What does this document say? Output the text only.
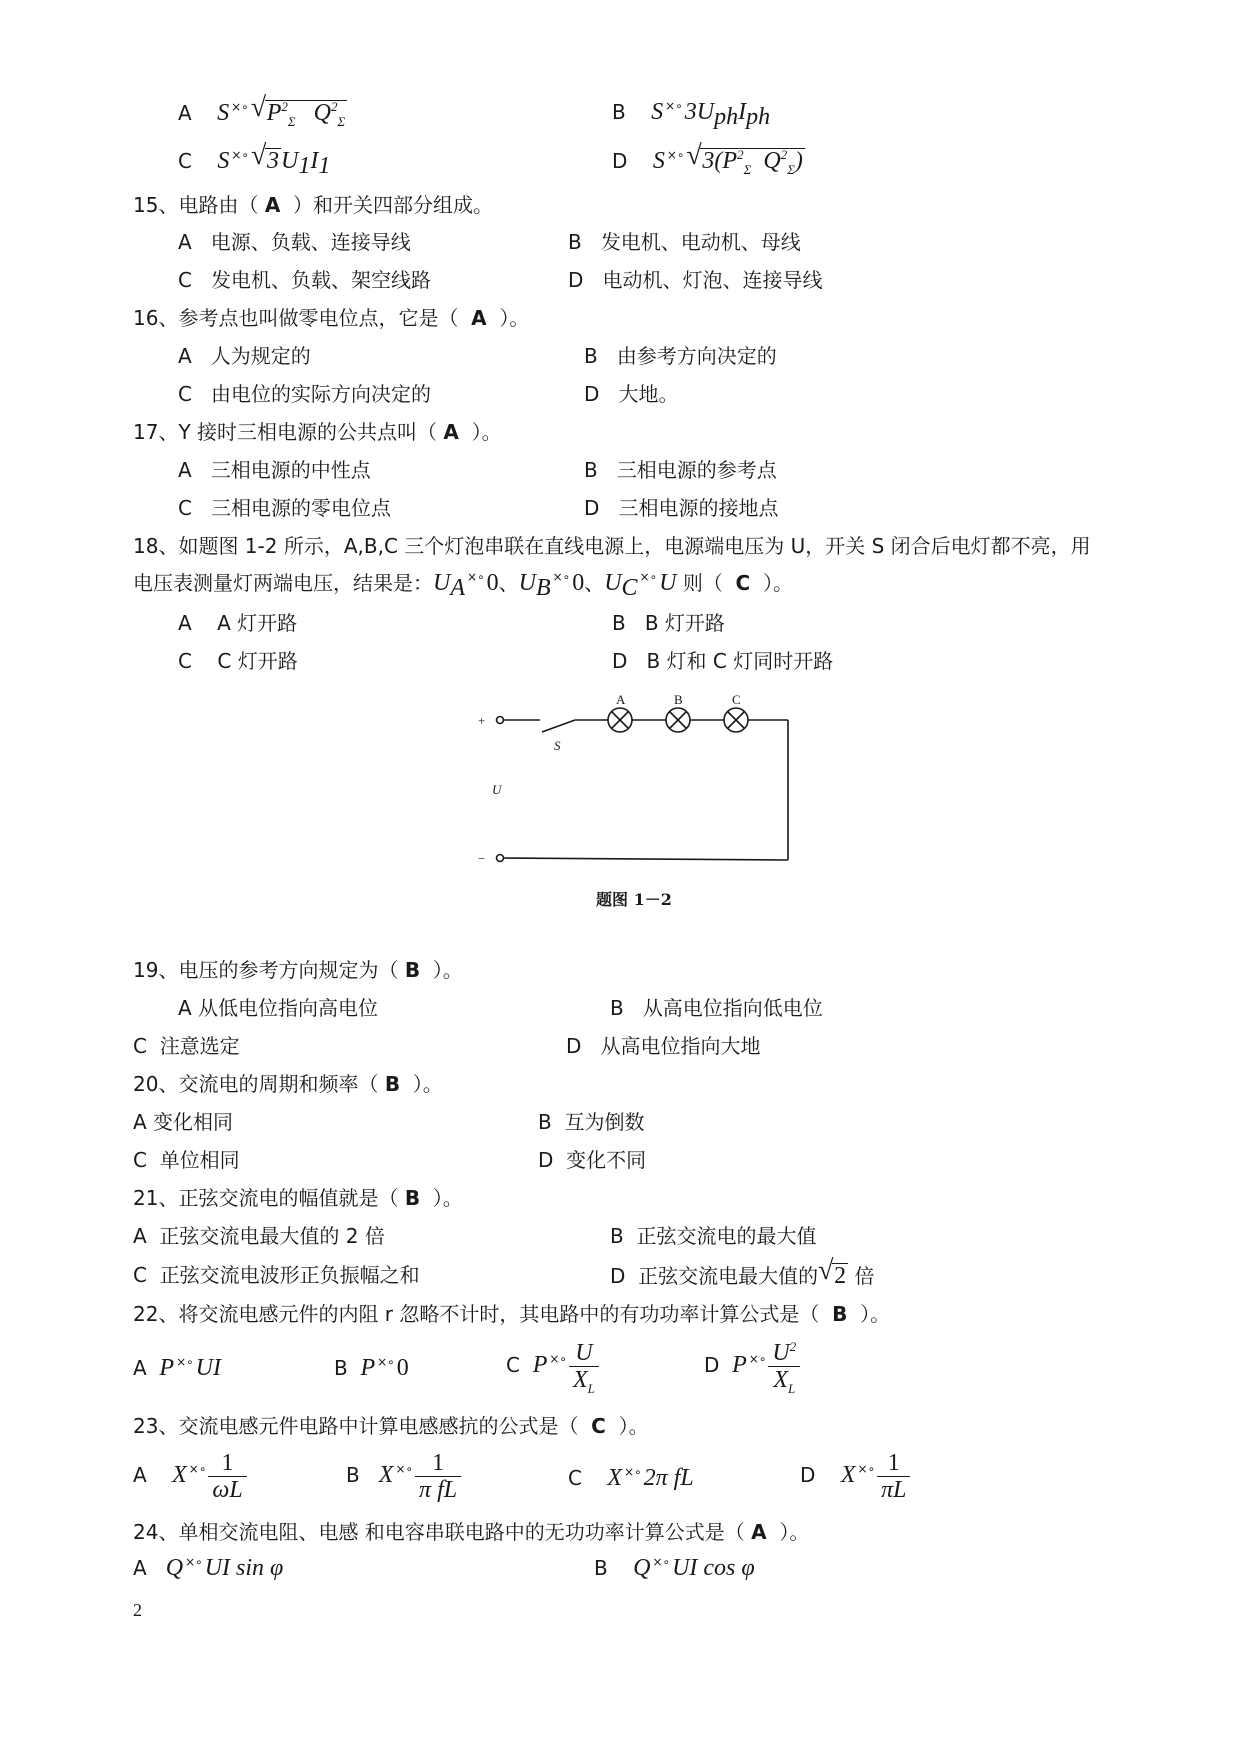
A S ×∘ √ $P^2_\Sigma$   $Q^2_\Sigma$	B S $^{\times\circ}3U_{ph}I_{ph}$
C S ×∘ √ $3U_1I_1$	D S ×∘ √ $3(P^2_\Sigma$  $Q^2_\Sigma$)
15、电路由（ A ）和开关四部分组成。
A 电源、负载、连接导线	B 发电机、电动机、母线
C 发电机、负载、架空线路	D 电动机、灯泡、连接导线
16、参考点也叫做零电位点，它是（ A ）。
A 人为规定的	B 由参考方向决定的
C 由电位的实际方向决定的	D 大地。
17、Y 接时三相电源的公共点叫（ A ）。
A 三相电源的中性点	B 三相电源的参考点
C 三相电源的零电位点	D 三相电源的接地点
18、如题图 1-2 所示，A,B,C 三个灯泡串联在直线电源上，电源端电压为 U，开关 S 闭合后电灯都不亮，用
电压表测量灯两端电压，结果是：$U_A$ ×∘0、$U_B$ ×∘0、$U_C$ ×∘U 则（ C ）。
A A 灯开路	B B 灯开路
C C 灯开路	D B 灯和 C 灯同时开路
+
−
S
U
A	B	C
题图 1－2
19、电压的参考方向规定为（ B ）。
A 从低电位指向高电位	B 从高电位指向低电位
C 注意选定	D 从高电位指向大地
20、交流电的周期和频率（ B ）。
A 变化相同	B 互为倒数
C 单位相同	D 变化不同
21、正弦交流电的幅值就是（ B ）。
A 正弦交流电最大值的 2 倍	B 正弦交流电的最大值
C 正弦交流电波形正负振幅之和	D 正弦交流电最大值的 √ 2 倍
22、将交流电感元件的内阻 r 忽略不计时，其电路中的有功功率计算公式是（ B ）。
A  P ×∘UI	B  P ×∘0	C  P $^{\times\circ} \frac{U}{X_L}$	D  P $^{\times\circ} \frac{U^2}{X_L}$
23、交流电感元件电路中计算电感感抗的公式是（ C ）。
A    X $^{\times\circ} \frac{1}{\omega L}$	B   X $^{\times\circ} \frac{1}{\text{π fL}}$	C    X ×∘2π fL	D    X $^{\times\circ} \frac{1}{\pi L}$
24、单相交流电阻、电感 和电容串联电路中的无功功率计算公式是（ A ）。
A   Q ×∘UI sin φ	B    Q ×∘UI cos φ
2
